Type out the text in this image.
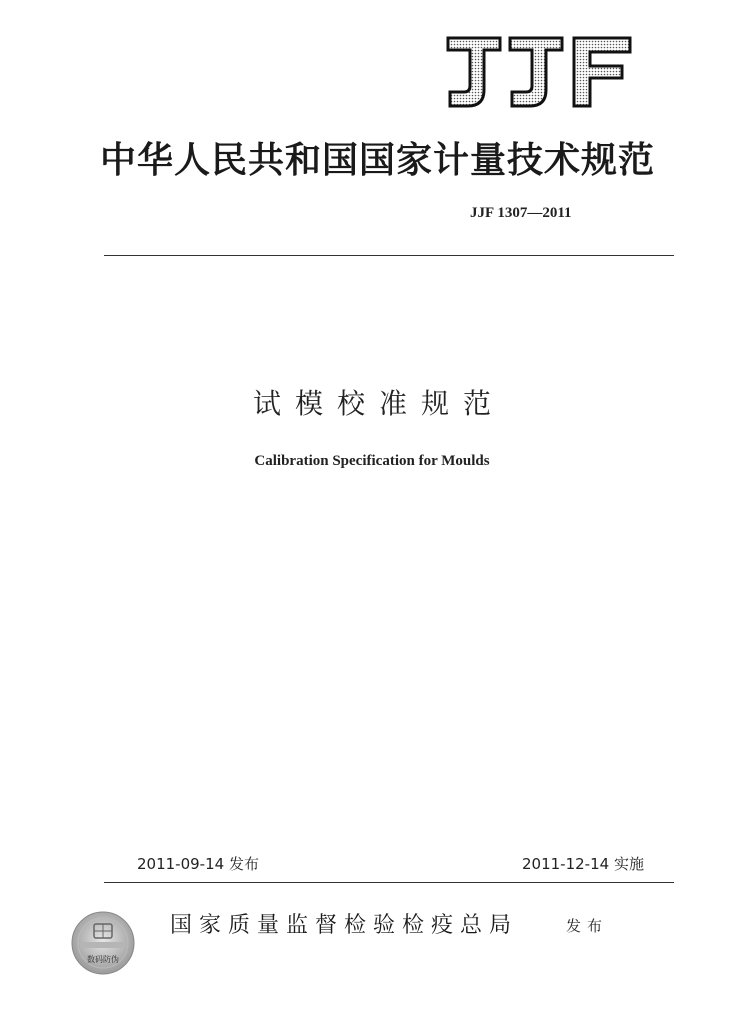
中华人民共和国国家计量技术规范
JJF 1307—2011
试模校准规范
Calibration Specification for Moulds
2011-09-14 发布	2011-12-14 实施
数码防伪
国家质量监督检验检疫总局	发布
